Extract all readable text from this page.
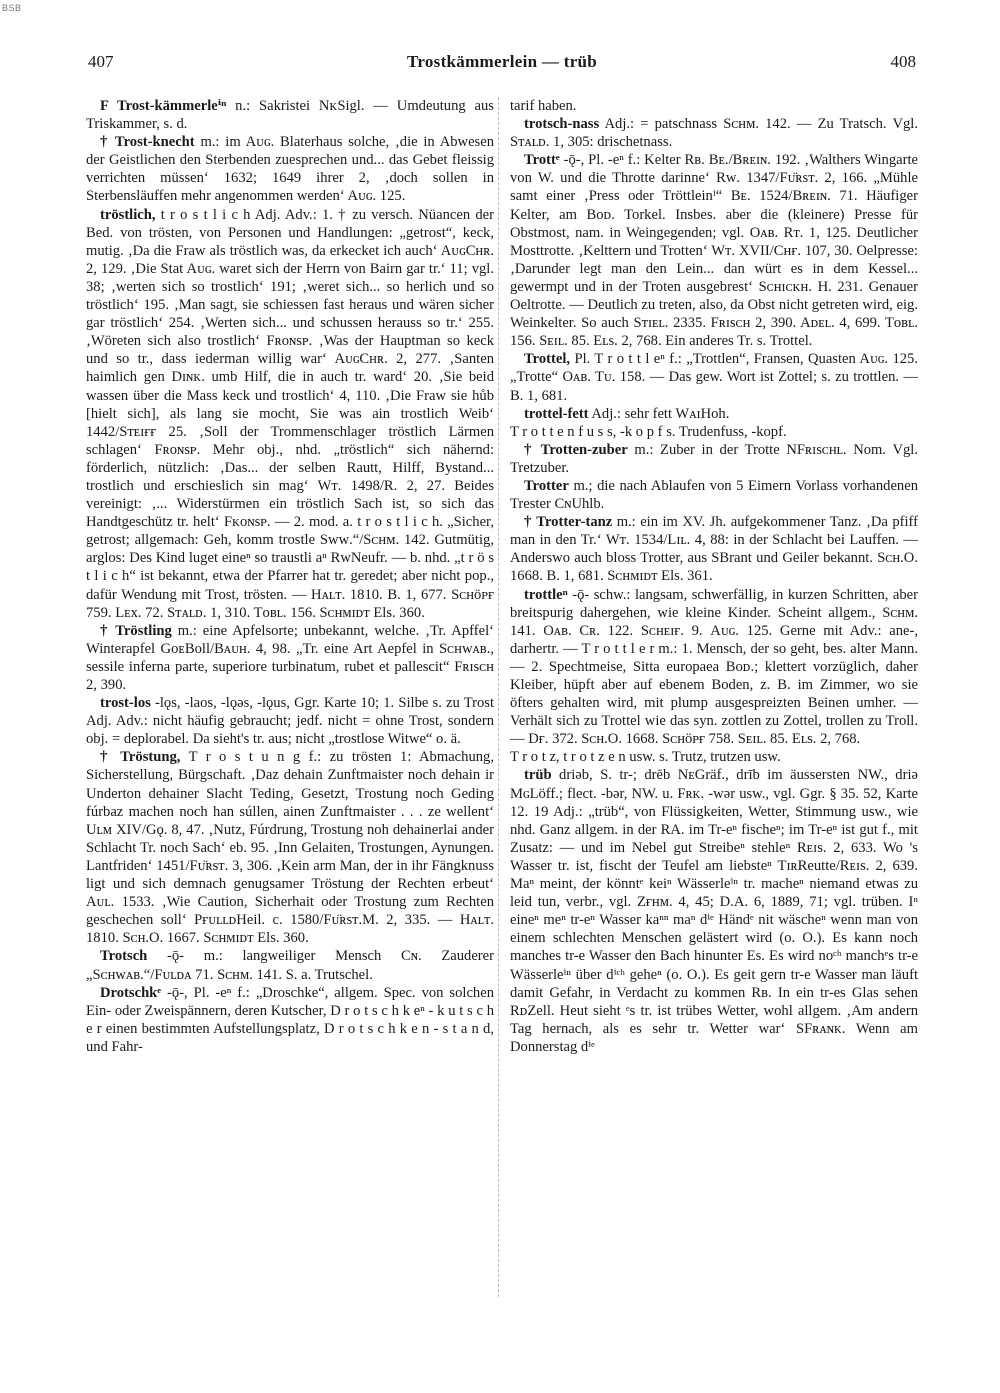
BSB
407	Trostkämmerlein — trüb	408

F Trost-kämmerleⁱⁿ n.: Sakristei NᴋSigl. — Umdeutung aus Triskammer, s. d.

† Trost-knecht m.: im Aᴜɢ. Blaterhaus solche, ‚die in Abwesen der Geistlichen den Sterbenden zuesprechen und... das Gebet fleissig verrichten müssen‘ 1632; 1649 ihrer 2, ‚doch sollen in Sterbensläuffen mehr angenommen werden‘ Aᴜɢ. 125.

tröstlich, t r o s t l i c h Adj. Adv.: 1. † zu versch. Nüancen der Bed. von trösten, von Personen und Handlungen: „getrost“, keck, mutig. ‚Da die Fraw als tröstlich was, da erkecket ich auch‘ AᴜɢCʜʀ. 2, 129. ‚Die Stat Aᴜɢ. waret sich der Herrn von Bairn gar tr.‘ 11; vgl. 38; ‚werten sich so trostlich‘ 191; ‚weret sich... so herlich und so tröstlich‘ 195. ‚Man sagt, sie schiessen fast heraus und wären sicher gar tröstlich‘ 254. ‚Werten sich... und schussen herauss so tr.‘ 255. ‚Wöreten sich also trostlich‘ Fʀᴏɴsᴘ. ‚Was der Hauptman so keck und so tr., dass iederman willig war‘ AᴜɢCʜʀ. 2, 277. ‚Santen haimlich gen Dɪɴᴋ. umb Hilf, die in auch tr. ward‘ 20. ‚Sie beid wassen über die Mass keck und trostlich‘ 4, 110. ‚Die Fraw sie hůb [hielt sich], als lang sie mocht, Sie was ain trostlich Weib‘ 1442/Sᴛᴇɪғғ 25. ‚Soll der Trommenschlager tröstlich Lärmen schlagen‘ Fʀᴏɴsᴘ. Mehr obj., nhd. „tröstlich“ sich nähernd: förderlich, nützlich: ‚Das... der selben Rautt, Hilff, Bystand... trostlich und erschieslich sin mag‘ Wᴛ. 1498/R. 2, 27. Beides vereinigt: ‚... Widerstürmen ein tröstlich Sach ist, so sich das Handtgeschütz tr. helt‘ Fᴋᴏɴsᴘ. — 2. mod. a. t r o s t l i c h. „Sicher, getrost; allgemach: Geh, komm trostle Sᴡᴡ.“/Sᴄʜᴍ. 142. Gutmütig, arglos: Des Kind luget eineⁿ so traustli aⁿ RᴡNeufr. — b. nhd. „t r ö s t l i c h“ ist bekannt, etwa der Pfarrer hat tr. geredet; aber nicht pop., dafür Wendung mit Trost, trösten. — Hᴀʟᴛ. 1810. B. 1, 677. Sᴄʜöᴘғ 759. Lᴇx. 72. Sᴛᴀʟᴅ. 1, 310. Tᴏʙʟ. 156. Sᴄʜᴍɪᴅᴛ Els. 360.

† Tröstling m.: eine Apfelsorte; unbekannt, welche. ‚Tr. Apffel‘ Winterapfel GᴏᴇBoll/Bᴀᴜʜ. 4, 98. „Tr. eine Art Aepfel in Sᴄʜᴡᴀʙ., sessile inferna parte, superiore turbinatum, rubet et pallescit“ Fʀɪsᴄʜ 2, 390.

trost-los -lǫs, -laos, -lǫəs, -lǫus, Ggr. Karte 10; 1. Silbe s. zu Trost Adj. Adv.: nicht häufig gebraucht; jedf. nicht = ohne Trost, sondern obj. = deplorabel. Da sieht's tr. aus; nicht „trostlose Witwe“ o. ä.

† Tröstung, T r o s t u n g f.: zu trösten 1: Abmachung, Sicherstellung, Bürgschaft. ‚Daz dehain Zunftmaister noch dehain ir Underton dehainer Slacht Teding, Gesetzt, Trostung noch Geding fúrbaz machen noch han súllen, ainen Zunftmaister . . . ze wellent‘ Uʟᴍ XIV/Gǫ. 8, 47. ‚Nutz, Fúrdrung, Trostung noh dehainerlai ander Schlacht Tr. noch Sach‘ eb. 95. ‚Inn Gelaiten, Trostungen, Aynungen. Lantfriden‘ 1451/Fᴜ̈ʀsᴛ. 3, 306. ‚Kein arm Man, der in ihr Fängknuss ligt und sich demnach genugsamer Tröstung der Rechten erbeut‘ Aᴜʟ. 1533. ‚Wie Caution, Sicherhait oder Trostung zum Rechten geschechen soll‘ PғᴜʟʟᴅHeil. c. 1580/Fᴜ̈ʀsᴛ.M. 2, 335. — Hᴀʟᴛ. 1810. Sᴄʜ.O. 1667. Sᴄʜᴍɪᴅᴛ Els. 360.

Trotsch -ǭ- m.: langweiliger Mensch Cɴ. Zauderer „Sᴄʜᴡᴀʙ.“/Fᴜʟᴅᴀ 71. Sᴄʜᴍ. 141. S. a. Trutschel.

Drotschkᵉ -ǭ-, Pl. -eⁿ f.: „Droschke“, allgem. Spec. von solchen Ein- oder Zweispännern, deren Kutscher, D r o t s c h k eⁿ - k u t s c h e r einen bestimmten Aufstellungsplatz, D r o t s c h k e n - s t a n d, und Fahr-

tarif haben.

trotsch-nass Adj.: = patschnass Sᴄʜᴍ. 142. — Zu Tratsch. Vgl. Sᴛᴀʟᴅ. 1, 305: drischetnass.

Trottᵉ -ǭ-, Pl. -eⁿ f.: Kelter Rʙ. Bᴇ./Bʀᴇɪɴ. 192. ‚Walthers Wingarte von W. und die Throtte darinne‘ Rᴡ. 1347/Fᴜ̈ʀsᴛ. 2, 166. „Mühle samt einer ‚Press oder Tröttleinⁱ“ Bᴇ. 1524/Bʀᴇɪɴ. 71. Häufiger Kelter, am Bᴏᴅ. Torkel. Insbes. aber die (kleinere) Presse für Obstmost, nam. in Weingegenden; vgl. Oᴀʙ. Rᴛ. 1, 125. Deutlicher Mosttrotte. ‚Kelttern und Trotten‘ Wᴛ. XVII/Cʜғ. 107, 30. Oelpresse: ‚Darunder legt man den Lein... dan würt es in dem Kessel... gewermpt und in der Troten ausgebrest‘ Sᴄʜɪᴄᴋʜ. H. 231. Genauer Oeltrotte. — Deutlich zu treten, also, da Obst nicht getreten wird, eig. Weinkelter. So auch Sᴛɪᴇʟ. 2335. Fʀɪsᴄʜ 2, 390. Aᴅᴇʟ. 4, 699. Tᴏʙʟ. 156. Sᴇɪʟ. 85. Eʟs. 2, 768. Ein anderes Tr. s. Trottel.

Trottel, Pl. T r o t t l eⁿ f.: „Trottlen“, Fransen, Quasten Aᴜɢ. 125. „Trotte“ Oᴀʙ. Tᴜ. 158. — Das gew. Wort ist Zottel; s. zu trottlen. — B. 1, 681.

trottel-fett Adj.: sehr fett WᴀɪHoh.

T r o t t e n f u s s, -k o p f s. Trudenfuss, -kopf.

† Trotten-zuber m.: Zuber in der Trotte NFʀɪsᴄʜʟ. Nom. Vgl. Tretzuber.

Trotter m.; die nach Ablaufen von 5 Eimern Vorlass vorhandenen Trester CɴUhlb.

† Trotter-tanz m.: ein im XV. Jh. aufgekommener Tanz. ‚Da pfiff man in den Tr.‘ Wᴛ. 1534/Lɪʟ. 4, 88: in der Schlacht bei Lauffen. — Anderswo auch bloss Trotter, aus SBrant und Geiler bekannt. Sᴄʜ.O. 1668. B. 1, 681. Sᴄʜᴍɪᴅᴛ Els. 361.

trottleⁿ -ǭ- schw.: langsam, schwerfällig, in kurzen Schritten, aber breitspurig dahergehen, wie kleine Kinder. Scheint allgem., Sᴄʜᴍ. 141. Oᴀʙ. Cʀ. 122. Sᴄʜᴇɪғ. 9. Aᴜɢ. 125. Gerne mit Adv.: ane-, darhertr. — T r o t t l e r m.: 1. Mensch, der so geht, bes. alter Mann. — 2. Spechtmeise, Sitta europaea Bᴏᴅ.; klettert vorzüglich, daher Kleiber, hüpft aber auf ebenem Boden, z. B. im Zimmer, wo sie öfters gehalten wird, mit plump ausgespreizten Beinen umher. — Verhält sich zu Trottel wie das syn. zottlen zu Zottel, trollen zu Troll. — Dғ. 372. Sᴄʜ.O. 1668. Sᴄʜöᴘғ 758. Sᴇɪʟ. 85. Eʟs. 2, 768.

T r o t z, t r o t z e n usw. s. Trutz, trutzen usw.

trüb driəb, S. tr-; drēb NᴇGräf., drīb im äussersten NW., driə MɢLöff.; flect. -bər, NW. u. Fʀᴋ. -wər usw., vgl. Ggr. § 35. 52, Karte 12. 19 Adj.: „trüb“, von Flüssigkeiten, Wetter, Stimmung usw., wie nhd. Ganz allgem. in der RA. im Tr-eⁿ fischeⁿ; im Tr-eⁿ ist gut f., mit Zusatz: — und im Nebel gut Streibeⁿ stehleⁿ Rᴇɪs. 2, 633. Wo 's Wasser tr. ist, fischt der Teufel am liebsteⁿ TɪʀReutte/Rᴇɪs. 2, 639. Maⁿ meint, der könntᵉ keiⁿ Wässerleⁱⁿ tr. macheⁿ niemand etwas zu leid tun, verbr., vgl. Zғʜᴍ. 4, 45; D.A. 6, 1889, 71; vgl. trüben. Iⁿ eineⁿ meⁿ tr-eⁿ Wasser kaⁿⁿ maⁿ dⁱᵉ Händᵉ nit wäscheⁿ wenn man von einem schlechten Menschen gelästert wird (o. O.). Es kann noch manches tr-e Wasser den Bach hinunter Es. Es wird noᶜʰ manchᵉs tr-e Wässerleⁱⁿ über dⁱᶜʰ geheⁿ (o. O.). Es geit gern tr-e Wasser man läuft damit Gefahr, in Verdacht zu kommen Rʙ. In ein tr-es Glas sehen RᴅZell. Heut sieht ᵉs tr. ist trübes Wetter, wohl allgem. ‚Am andern Tag hernach, als es sehr tr. Wetter war‘ SFʀᴀɴᴋ. Wenn am Donnerstag dⁱᵉ
